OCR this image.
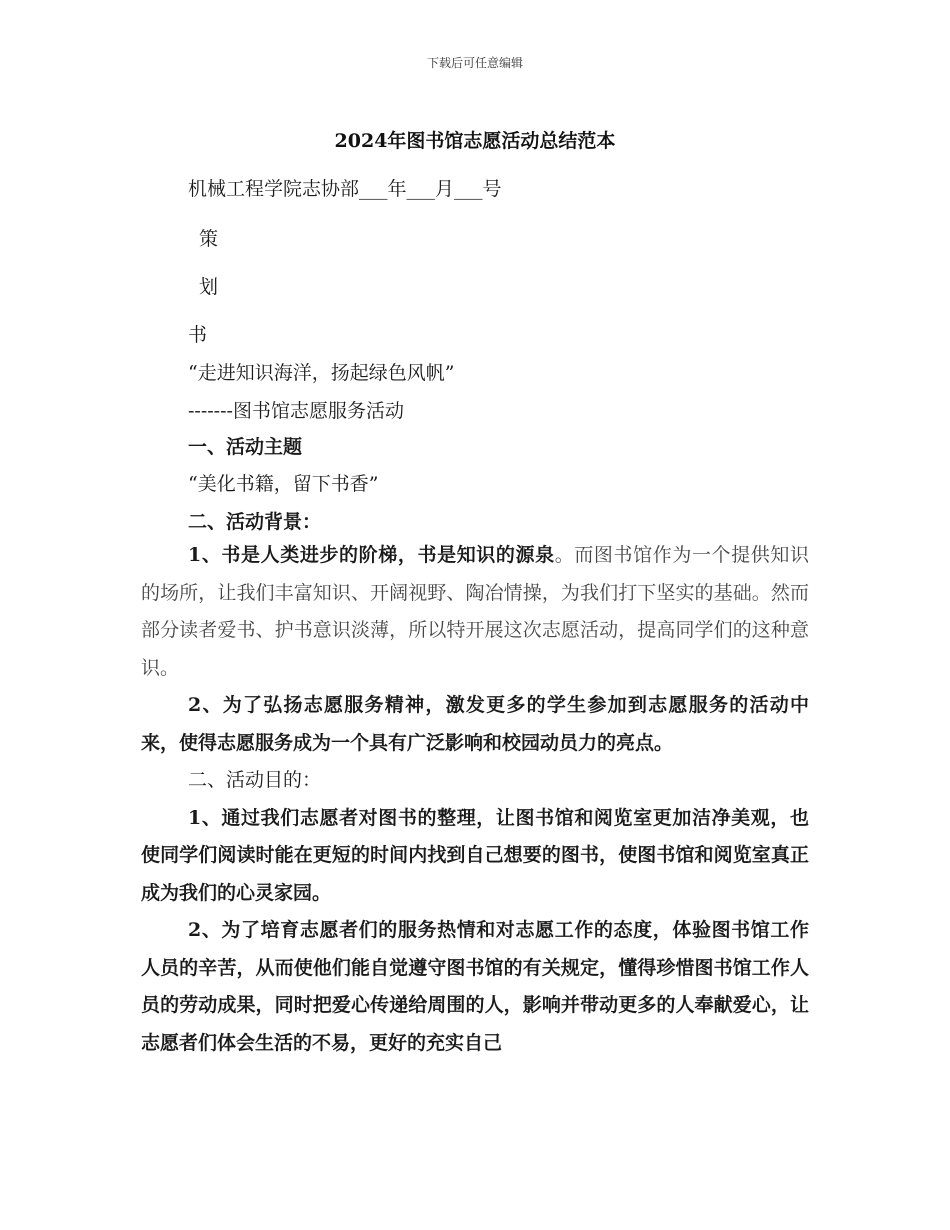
下载后可任意编辑
2024年图书馆志愿活动总结范本
机械工程学院志协部___年___月___号
策
划
书
“走进知识海洋，扬起绿色风帆”
-------图书馆志愿服务活动
一、活动主题
“美化书籍，留下书香”
二、活动背景：

1、书是人类进步的阶梯，书是知识的源泉。而图书馆作为一个提供知识的场所，让我们丰富知识、开阔视野、陶冶情操，为我们打下坚实的基础。然而部分读者爱书、护书意识淡薄，所以特开展这次志愿活动，提高同学们的这种意识。

2、为了弘扬志愿服务精神，激发更多的学生参加到志愿服务的活动中来，使得志愿服务成为一个具有广泛影响和校园动员力的亮点。

二、活动目的：

1、通过我们志愿者对图书的整理，让图书馆和阅览室更加洁净美观，也使同学们阅读时能在更短的时间内找到自己想要的图书，使图书馆和阅览室真正成为我们的心灵家园。

2、为了培育志愿者们的服务热情和对志愿工作的态度，体验图书馆工作人员的辛苦，从而使他们能自觉遵守图书馆的有关规定，懂得珍惜图书馆工作人员的劳动成果，同时把爱心传递给周围的人，影响并带动更多的人奉献爱心，让志愿者们体会生活的不易，更好的充实自己
